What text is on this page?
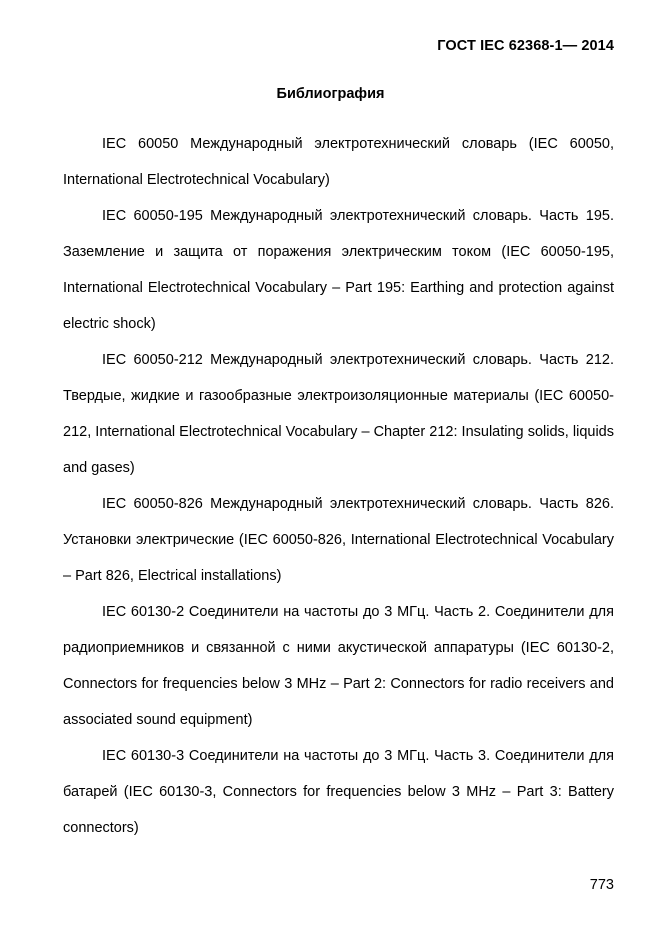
ГОСТ IEC 62368-1— 2014
Библиография

IEC 60050 Международный электротехнический словарь (IEC 60050, International Electrotechnical Vocabulary)

IEC 60050-195 Международный электротехнический словарь. Часть 195. Заземление и защита от поражения электрическим током (IEC 60050-195, International Electrotechnical Vocabulary – Part 195: Earthing and protection against electric shock)

IEC 60050-212 Международный электротехнический словарь. Часть 212. Твердые, жидкие и газообразные электроизоляционные материалы (IEC 60050-212, International Electrotechnical Vocabulary – Chapter 212: Insulating solids, liquids and gases)

IEC 60050-826 Международный электротехнический словарь. Часть 826. Установки электрические (IEC 60050-826, International Electrotechnical Vocabulary – Part 826, Electrical installations)

IEC 60130-2 Соединители на частоты до 3 МГц. Часть 2. Соединители для радиоприемников и связанной с ними акустической аппаратуры (IEC 60130-2, Connectors for frequencies below 3 MHz – Part 2: Connectors for radio receivers and associated sound equipment)

IEC 60130-3 Соединители на частоты до 3 МГц. Часть 3. Соединители для батарей (IEC 60130-3, Connectors for frequencies below 3 MHz – Part 3: Battery connectors)

773
